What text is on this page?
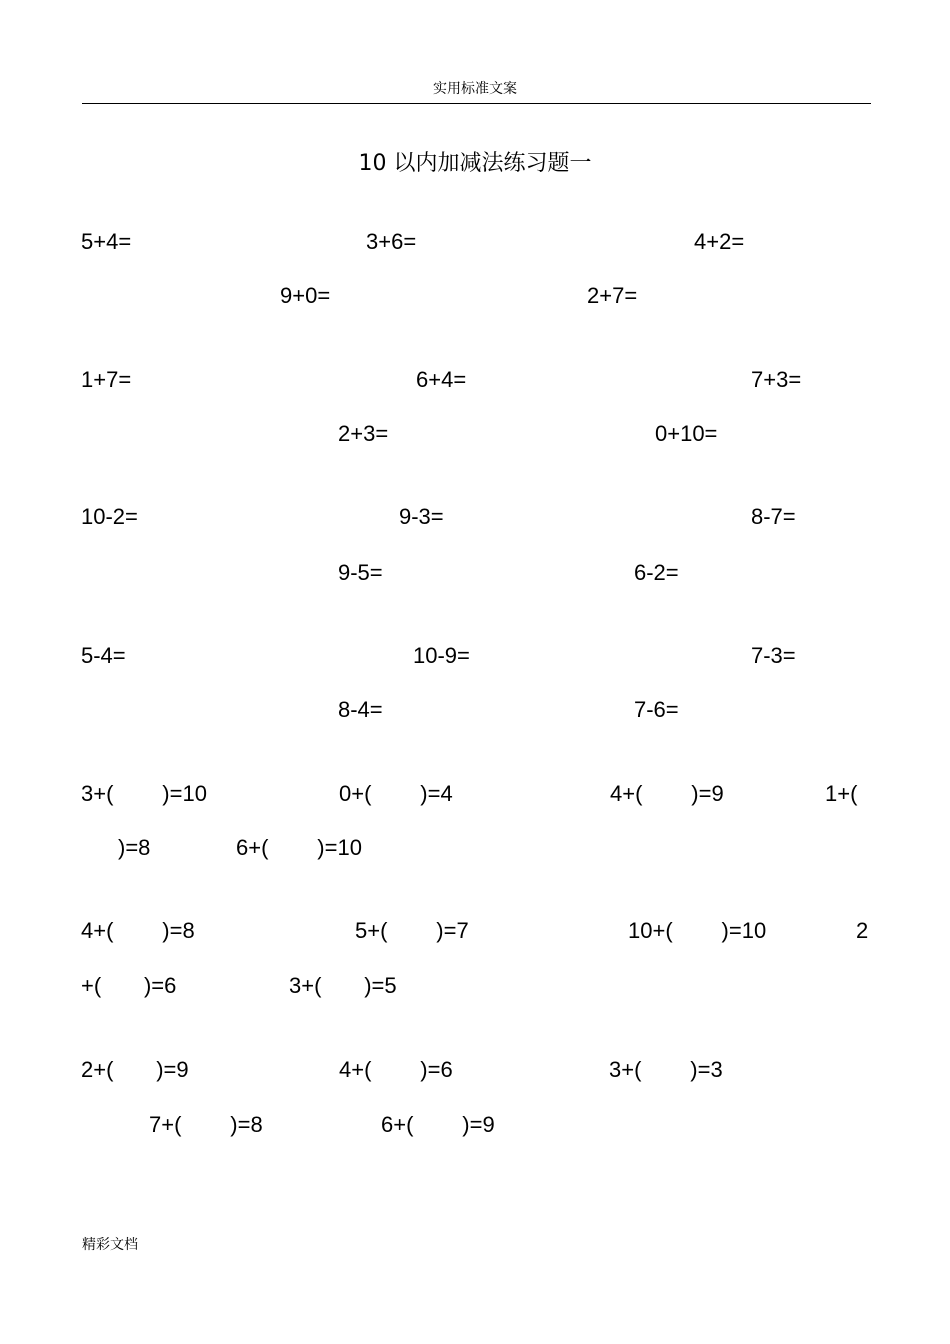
实用标准文案
10 以内加减法练习题一
5+4=	3+6=	4+2=
9+0=	2+7=
1+7=	6+4=	7+3=
2+3=	0+10=
10-2=	9-3=	8-7=
9-5=	6-2=
5-4=	10-9=	7-3=
8-4=	7-6=
3+(        )=10	0+(        )=4	4+(        )=9	1+(
)=8	6+(        )=10
4+(        )=8	5+(        )=7	10+(        )=10	2
+(       )=6	3+(       )=5
2+(       )=9	4+(        )=6	3+(        )=3
7+(        )=8	6+(        )=9
精彩文档
